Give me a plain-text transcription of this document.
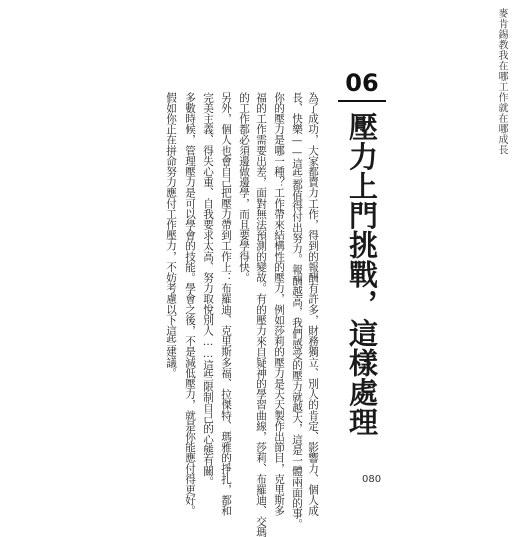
麥肯錫教我在哪工作就在哪成長
06
壓力上門挑戰，這樣處理

為了成功，大家都賣力工作，得到的報酬有許多，財務獨立、別人的肯定、影響力、個人成

長、快樂——這些都值得付出努力。報酬越高，我們感受的壓力就越大，這是一體兩面的事。

你的壓力是哪一種？工作帶來結構性的壓力，例如莎莉的壓力是天天製作出節目，克里斯多

福的工作需要出差，面對無法預測的變故。有的壓力來自疑神的學習曲線，莎莉、布羅迪、交瑪

的工作都必須邊做邊學，而且要學得快。

另外，個人也會自己把壓力帶到工作上：布羅迪、克里斯多福、拉傑特、瑪雅的掙扎，都和

完美主義、得失心重、自我要求太高、努力取悅別人……這些限制自己的心態有關。

多數時候，管理壓力是可以學會的技能。學會之後，不是減低壓力，就是你能應付得更好。

假如你正在拼命努力應付工作壓力，不妨考慮以下這些建議。

080
